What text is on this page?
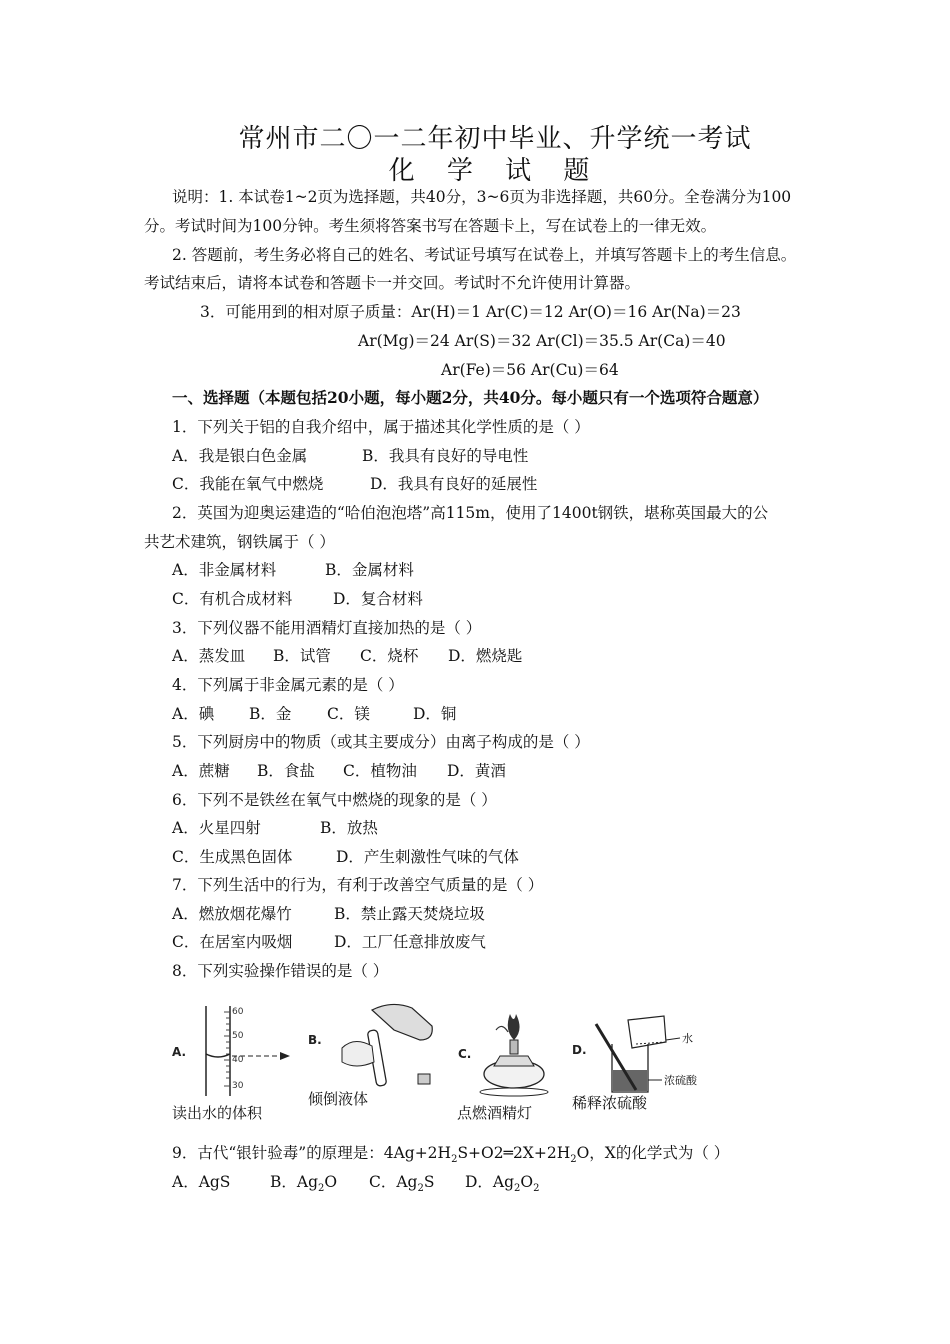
常州市二〇一二年初中毕业、升学统一考试
化 学 试 题
说明：1. 本试卷1~2页为选择题，共40分，3~6页为非选择题，共60分。全卷满分为100
分。考试时间为100分钟。考生须将答案书写在答题卡上，写在试卷上的一律无效。
2. 答题前，考生务必将自己的姓名、考试证号填写在试卷上，并填写答题卡上的考生信息。
考试结束后，请将本试卷和答题卡一并交回。考试时不允许使用计算器。
3．可能用到的相对原子质量：Ar(H)＝1 Ar(C)＝12 Ar(O)＝16 Ar(Na)＝23
Ar(Mg)＝24 Ar(S)＝32 Ar(Cl)＝35.5 Ar(Ca)＝40
Ar(Fe)＝56 Ar(Cu)＝64
一、选择题（本题包括20小题，每小题2分，共40分。每小题只有一个选项符合题意）
1．下列关于铝的自我介绍中，属于描述其化学性质的是（ ）
A．我是银白色金属	B．我具有良好的导电性
C．我能在氧气中燃烧	D．我具有良好的延展性
2．英国为迎奥运建造的“哈伯泡泡塔”高115m，使用了1400t钢铁，堪称英国最大的公
共艺术建筑，钢铁属于（ ）
A．非金属材料	B．金属材料
C．有机合成材料	D．复合材料
3．下列仪器不能用酒精灯直接加热的是（ ）
A．蒸发皿 B．试管 C．烧杯 D．燃烧匙
4．下列属于非金属元素的是（ ）
A．碘 B．金 C．镁	D．铜
5．下列厨房中的物质（或其主要成分）由离子构成的是（ ）
A．蔗糖 B．食盐 C．植物油 D．黄酒
6．下列不是铁丝在氧气中燃烧的现象的是（ ）
A．火星四射	B．放热
C．生成黑色固体	D．产生刺激性气味的气体
7．下列生活中的行为，有利于改善空气质量的是（ ）
A．燃放烟花爆竹	B．禁止露天焚烧垃圾
C．在居室内吸烟	D．工厂任意排放废气
8．下列实验操作错误的是（ ）
60
50
40
30
A.
读出水的体积
B.
倾倒液体
C.
点燃酒精灯
D.
水
浓硫酸
稀释浓硫酸
9．古代“银针验毒”的原理是：$4Ag+2H_2S+O2═2X+2H_2O$，X的化学式为（ ）
A．AgS	B．$Ag_2O$ C．$Ag_2S$ D．$Ag_2O_2$
